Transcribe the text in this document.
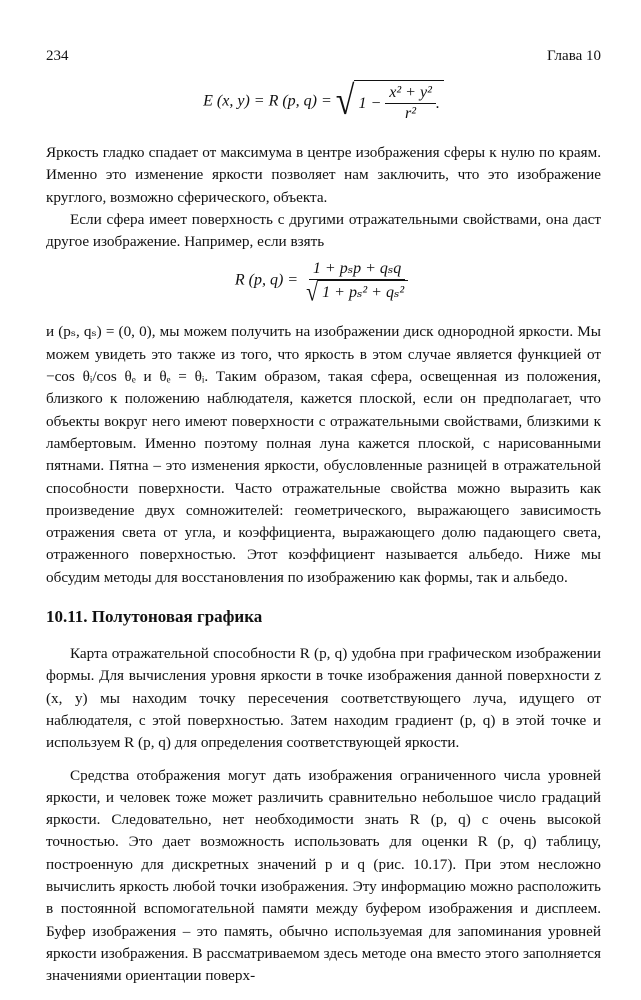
234	Глава 10
E (x, y) = R (p, q) = √ 1 −
$\frac{\text{x² + y²}}{\text{r²}}$ .

Яркость гладко спадает от максимума в центре изображения сферы к нулю по краям. Именно это изменение яркости позволяет нам заключить, что это изображение круглого, возможно сферического, объекта.

Если сфера имеет поверхность с другими отражательными свойствами, она даст другое изображение. Например, если взять

R (p, $q) = \frac{\text{1 + pₛp + qₛq}}{\text{√ 1 + pₛ² + qₛ²}}$

и (pₛ, qₛ) = (0, 0), мы можем получить на изображении диск однородной яркости. Мы можем увидеть это также из того, что яркость в этом случае является функцией от −cos θᵢ/cos θₑ и θₑ = θᵢ. Таким образом, такая сфера, освещенная из положения, близкого к положению наблюдателя, кажется плоской, если он предполагает, что объекты вокруг него имеют поверхности с отражательными свойствами, близкими к ламбертовым. Именно поэтому полная луна кажется плоской, с нарисованными пятнами. Пятна – это изменения яркости, обусловленные разницей в отражательной способности поверхности. Часто отражательные свойства можно выразить как произведение двух сомножителей: геометрического, выражающего зависимость отражения света от угла, и коэффициента, выражающего долю падающего света, отраженного поверхностью. Этот коэффициент называется альбедо. Ниже мы обсудим методы для восстановления по изображению как формы, так и альбедо.

10.11. Полутоновая графика

Карта отражательной способности R (p, q) удобна при графическом изображении формы. Для вычисления уровня яркости в точке изображения данной поверхности z (x, y) мы находим точку пересечения соответствующего луча, идущего от наблюдателя, с этой поверхностью. Затем находим градиент (p, q) в этой точке и используем R (p, q) для определения соответствующей яркости.

Средства отображения могут дать изображения ограниченного числа уровней яркости, и человек тоже может различить сравнительно небольшое число градаций яркости. Следовательно, нет необходимости знать R (p, q) с очень высокой точностью. Это дает возможность использовать для оценки R (p, q) таблицу, построенную для дискретных значений p и q (рис. 10.17). При этом несложно вычислить яркость любой точки изображения. Эту информацию можно расположить в постоянной вспомогательной памяти между буфером изображения и дисплеем. Буфер изображения – это память, обычно используемая для запоминания уровней яркости изображения. В рассматриваемом здесь методе она вместо этого заполняется значениями ориентации поверх-
